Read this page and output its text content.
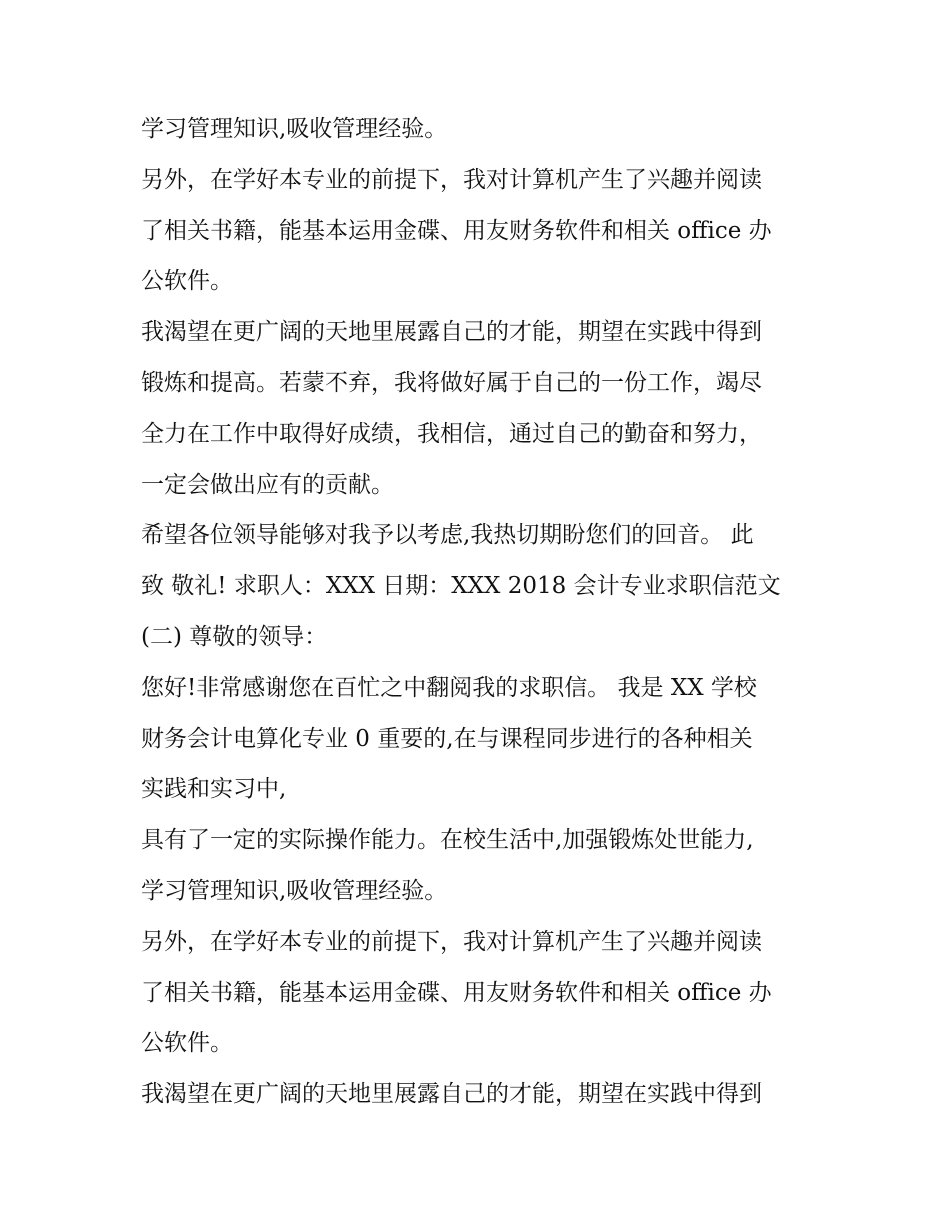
学习管理知识,吸收管理经验。
另外，在学好本专业的前提下，我对计算机产生了兴趣并阅读
了相关书籍，能基本运用金碟、用友财务软件和相关 office 办
公软件。
我渴望在更广阔的天地里展露自己的才能，期望在实践中得到
锻炼和提高。若蒙不弃，我将做好属于自己的一份工作，竭尽
全力在工作中取得好成绩，我相信，通过自己的勤奋和努力，
一定会做出应有的贡献。
希望各位领导能够对我予以考虑,我热切期盼您们的回音。 此
致 敬礼! 求职人：XXX 日期：XXX 2018 会计专业求职信范文
(二) 尊敬的领导：
您好!非常感谢您在百忙之中翻阅我的求职信。 我是 XX 学校
财务会计电算化专业 0 重要的,在与课程同步进行的各种相关
实践和实习中,
具有了一定的实际操作能力。在校生活中,加强锻炼处世能力,
学习管理知识,吸收管理经验。
另外，在学好本专业的前提下，我对计算机产生了兴趣并阅读
了相关书籍，能基本运用金碟、用友财务软件和相关 office 办
公软件。
我渴望在更广阔的天地里展露自己的才能，期望在实践中得到
